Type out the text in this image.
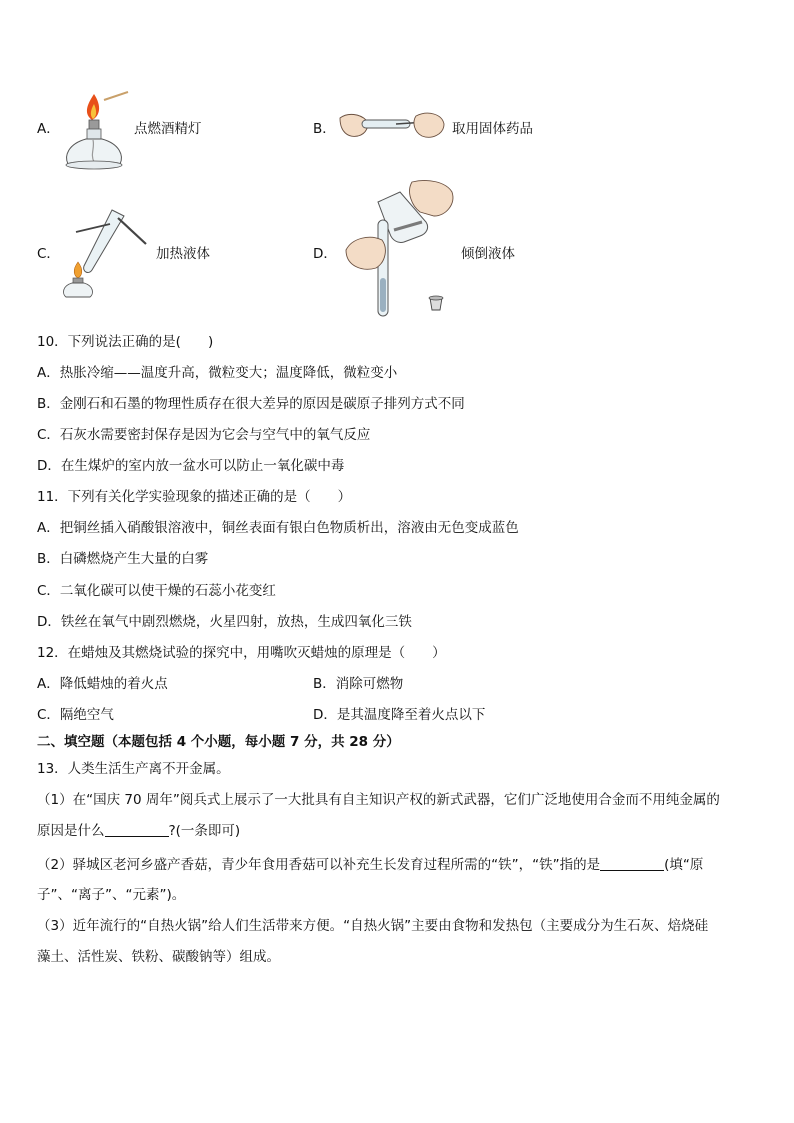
A．	点燃酒精灯	B．	取用固体药品
C．	加热液体	D．	倾倒液体
10．下列说法正确的是(　　)
A．热胀冷缩——温度升高，微粒变大；温度降低，微粒变小
B．金刚石和石墨的物理性质存在很大差异的原因是碳原子排列方式不同
C．石灰水需要密封保存是因为它会与空气中的氧气反应
D．在生煤炉的室内放一盆水可以防止一氧化碳中毒
11．下列有关化学实验现象的描述正确的是（　　）
A．把铜丝插入硝酸银溶液中，铜丝表面有银白色物质析出，溶液由无色变成蓝色
B．白磷燃烧产生大量的白雾
C．二氧化碳可以使干燥的石蕊小花变红
D．铁丝在氧气中剧烈燃烧，火星四射，放热，生成四氧化三铁
12．在蜡烛及其燃烧试验的探究中，用嘴吹灭蜡烛的原理是（　　）
A．降低蜡烛的着火点	B．消除可燃物
C．隔绝空气	D．是其温度降至着火点以下
二、填空题（本题包括 4 个小题，每小题 7 分，共 28 分）
13．人类生活生产离不开金属。
（1）在“国庆 70 周年”阅兵式上展示了一大批具有自主知识产权的新式武器，它们广泛地使用合金而不用纯金属的
原因是什么	?(一条即可)
（2）驿城区老河乡盛产香菇，青少年食用香菇可以补充生长发育过程所需的“铁”，“铁”指的是	(填“原
子”、“离子”、“元素”)。
（3）近年流行的“自热火锅”给人们生活带来方便。“自热火锅”主要由食物和发热包（主要成分为生石灰、焙烧硅
藻土、活性炭、铁粉、碳酸钠等）组成。
